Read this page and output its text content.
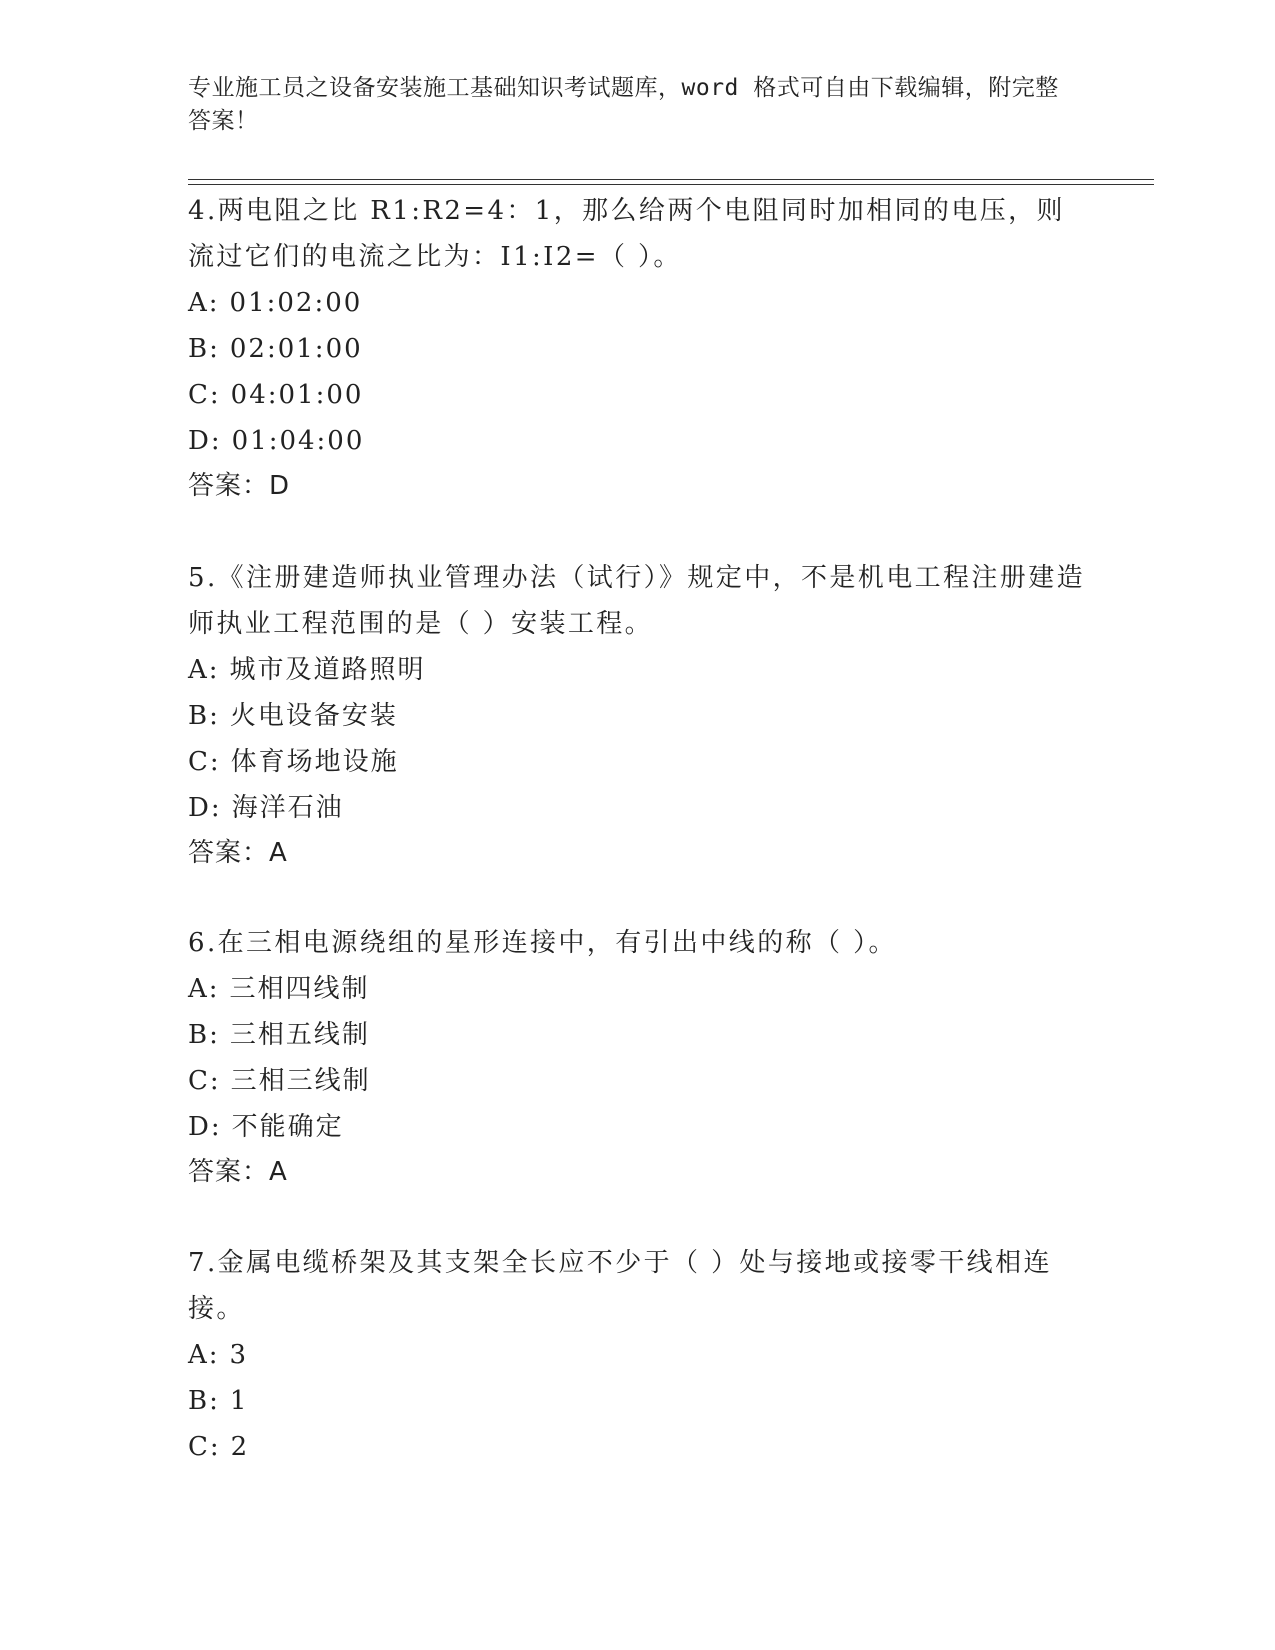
专业施工员之设备安装施工基础知识考试题库，word 格式可自由下载编辑，附完整答案！

4.两电阻之比 R1:R2=4：1，那么给两个电阻同时加相同的电压，则流过它们的电流之比为：I1:I2=（ ）。

A: 01:02:00

B: 02:01:00

C: 04:01:00

D: 01:04:00

答案：D

5.《注册建造师执业管理办法（试行）》规定中，不是机电工程注册建造师执业工程范围的是（ ）安装工程。

A: 城市及道路照明

B: 火电设备安装

C: 体育场地设施

D: 海洋石油

答案：A

6.在三相电源绕组的星形连接中，有引出中线的称（ ）。

A: 三相四线制

B: 三相五线制

C: 三相三线制

D: 不能确定

答案：A

7.金属电缆桥架及其支架全长应不少于（ ）处与接地或接零干线相连接。

A: 3

B: 1

C: 2
